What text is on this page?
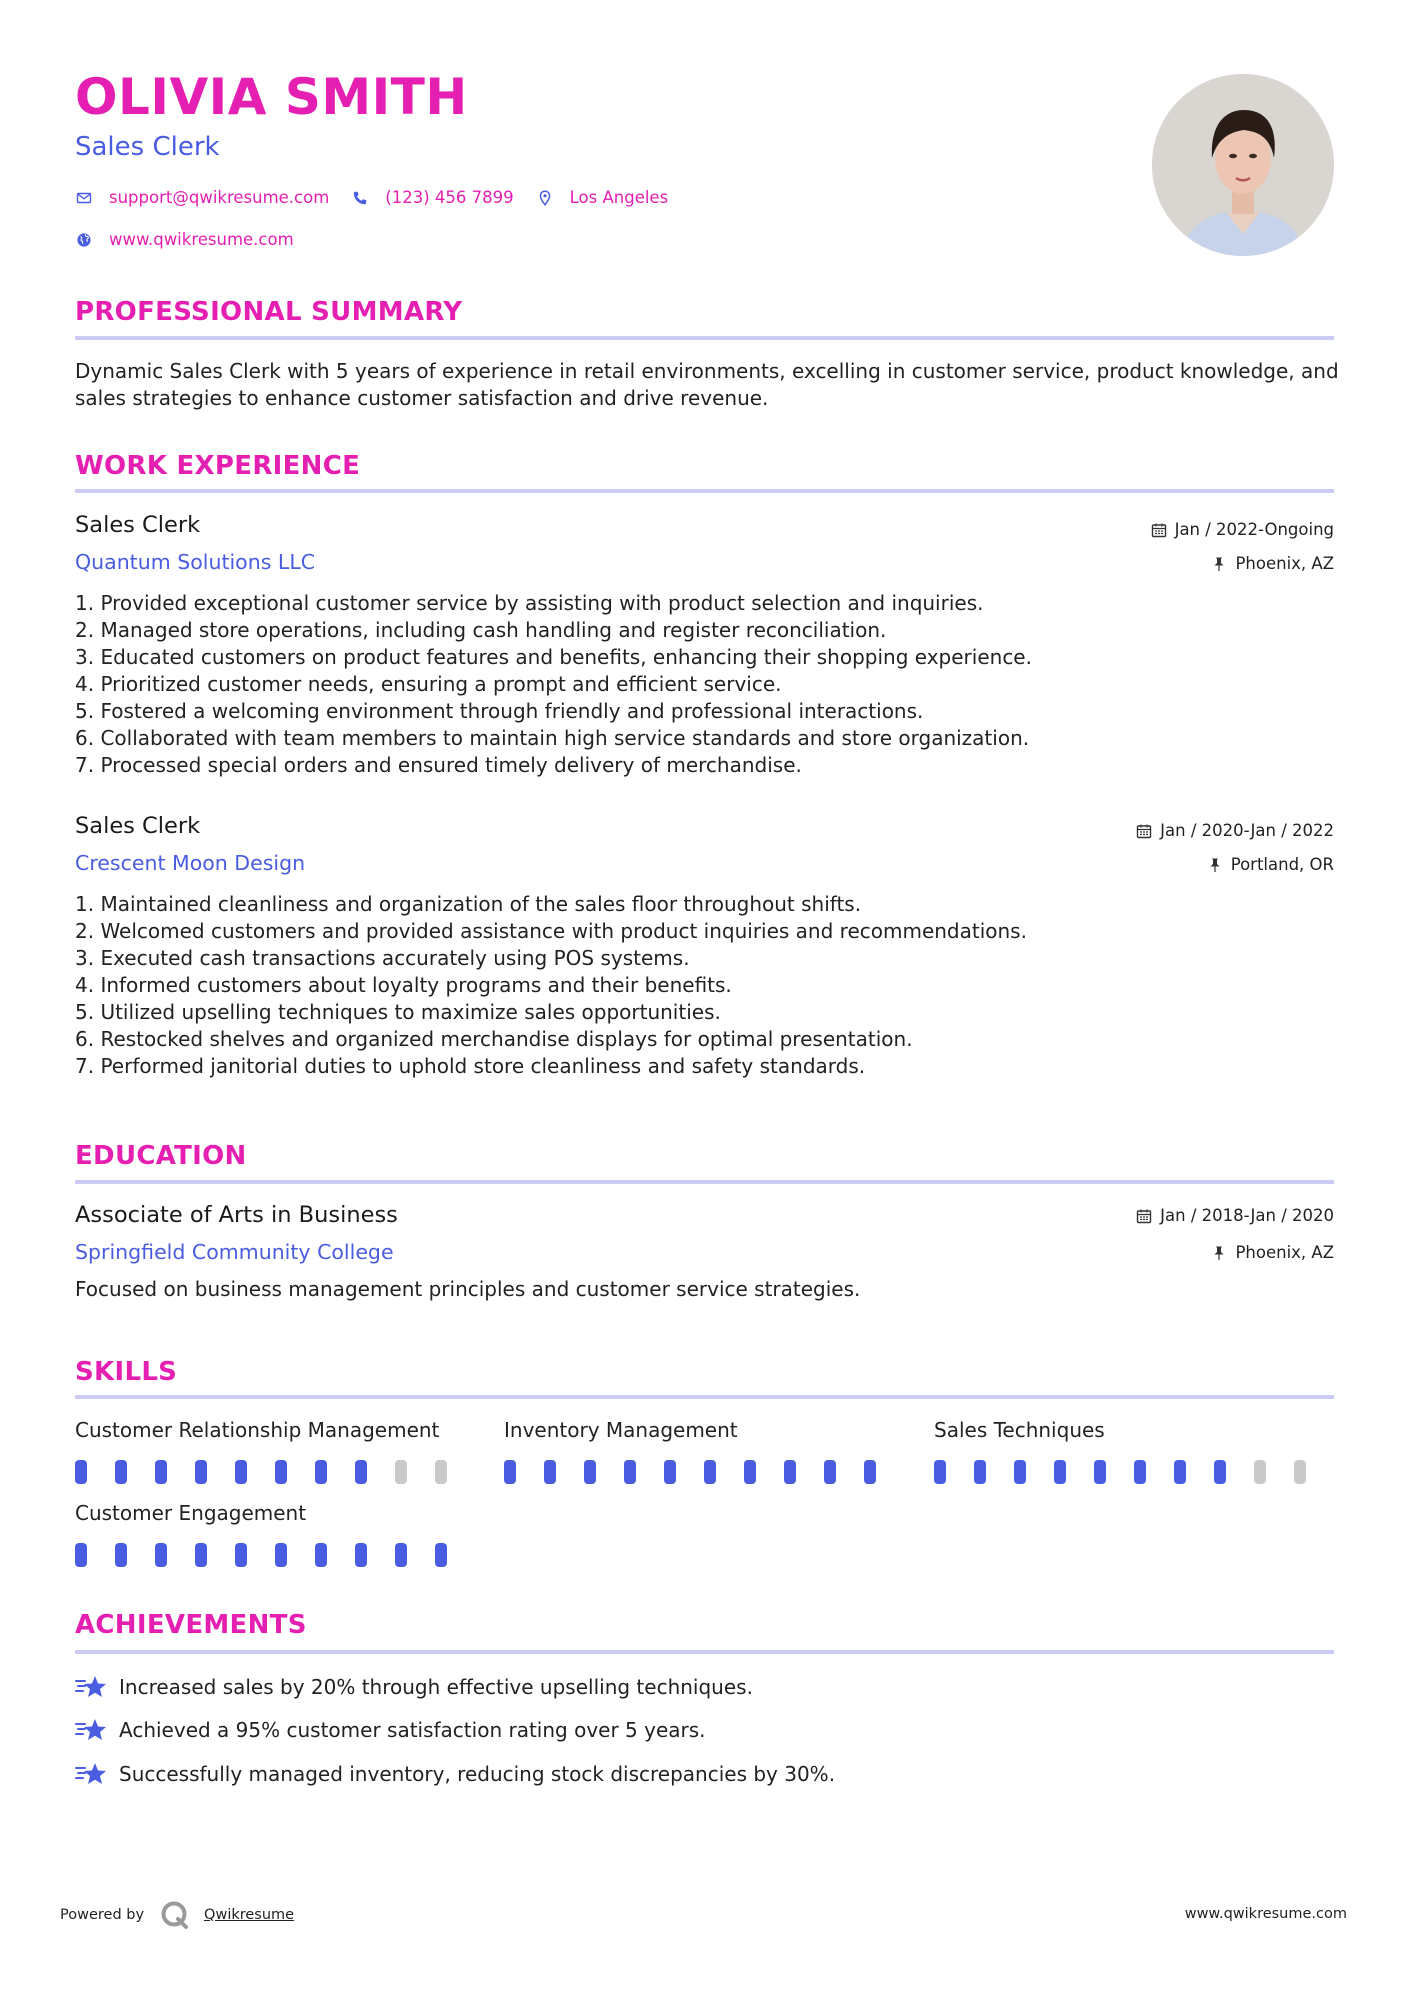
OLIVIA SMITH
Sales Clerk
support@qwikresume.com	(123) 456 7899	Los Angeles
www.qwikresume.com
PROFESSIONAL SUMMARY
Dynamic Sales Clerk with 5 years of experience in retail environments, excelling in customer service, product knowledge, and sales strategies to enhance customer satisfaction and drive revenue.
WORK EXPERIENCE
Sales Clerk	Jan / 2022-Ongoing
Quantum Solutions LLC	Phoenix, AZ
1. Provided exceptional customer service by assisting with product selection and inquiries.
2. Managed store operations, including cash handling and register reconciliation.
3. Educated customers on product features and benefits, enhancing their shopping experience.
4. Prioritized customer needs, ensuring a prompt and efficient service.
5. Fostered a welcoming environment through friendly and professional interactions.
6. Collaborated with team members to maintain high service standards and store organization.
7. Processed special orders and ensured timely delivery of merchandise.
Sales Clerk	Jan / 2020-Jan / 2022
Crescent Moon Design	Portland, OR
1. Maintained cleanliness and organization of the sales floor throughout shifts.
2. Welcomed customers and provided assistance with product inquiries and recommendations.
3. Executed cash transactions accurately using POS systems.
4. Informed customers about loyalty programs and their benefits.
5. Utilized upselling techniques to maximize sales opportunities.
6. Restocked shelves and organized merchandise displays for optimal presentation.
7. Performed janitorial duties to uphold store cleanliness and safety standards.
EDUCATION
Associate of Arts in Business	Jan / 2018-Jan / 2020
Springfield Community College	Phoenix, AZ
Focused on business management principles and customer service strategies.
SKILLS
Customer Relationship Management	Inventory Management	Sales Techniques
Customer Engagement
ACHIEVEMENTS
Increased sales by 20% through effective upselling techniques.
Achieved a 95% customer satisfaction rating over 5 years.
Successfully managed inventory, reducing stock discrepancies by 30%.
Powered by	Qwikresume	www.qwikresume.com
